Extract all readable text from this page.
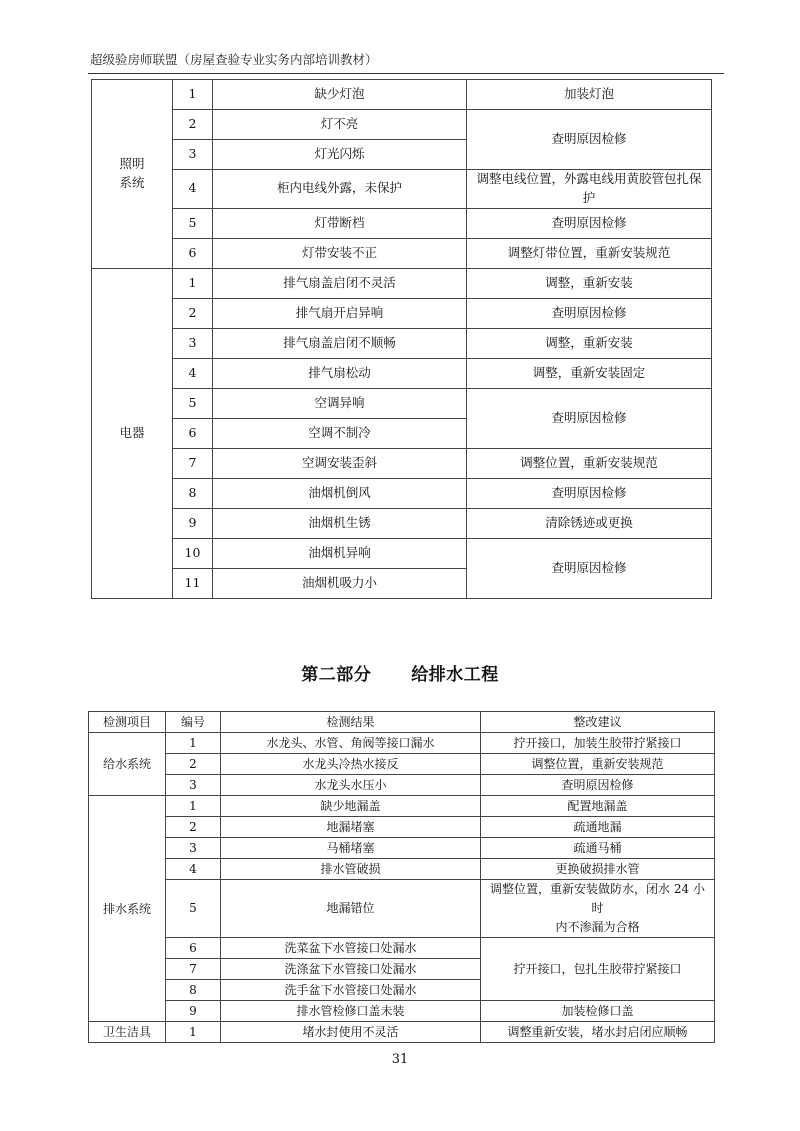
超级验房师联盟（房屋查验专业实务内部培训教材）
照明
系统	1	缺少灯泡	加装灯泡
	2	灯不亮	查明原因检修
	3	灯光闪烁	
	4	柜内电线外露，未保护	调整电线位置，外露电线用黄胶管包扎保护
	5	灯带断档	查明原因检修
	6	灯带安装不正	调整灯带位置，重新安装规范
电器	1	排气扇盖启闭不灵活	调整，重新安装
	2	排气扇开启异响	查明原因检修
	3	排气扇盖启闭不顺畅	调整，重新安装
	4	排气扇松动	调整，重新安装固定
	5	空调异响	查明原因检修
	6	空调不制冷	
	7	空调安装歪斜	调整位置，重新安装规范
	8	油烟机倒风	查明原因检修
	9	油烟机生锈	清除锈迹或更换
	10	油烟机异响	查明原因检修
	11	油烟机吸力小	
第二部分 给排水工程
检测项目	编号	检测结果	整改建议
给水系统	1	水龙头、水管、角阀等接口漏水	拧开接口，加装生胶带拧紧接口
	2	水龙头冷热水接反	调整位置，重新安装规范
	3	水龙头水压小	查明原因检修
排水系统	1	缺少地漏盖	配置地漏盖
	2	地漏堵塞	疏通地漏
	3	马桶堵塞	疏通马桶
	4	排水管破损	更换破损排水管
	5	地漏错位	调整位置，重新安装做防水，闭水 24 小时
内不渗漏为合格

	6	洗菜盆下水管接口处漏水	拧开接口，包扎生胶带拧紧接口
	7	洗涤盆下水管接口处漏水	
	8	洗手盆下水管接口处漏水	
	9	排水管检修口盖未装	加装检修口盖
卫生洁具	1	堵水封使用不灵活	调整重新安装，堵水封启闭应顺畅
31
